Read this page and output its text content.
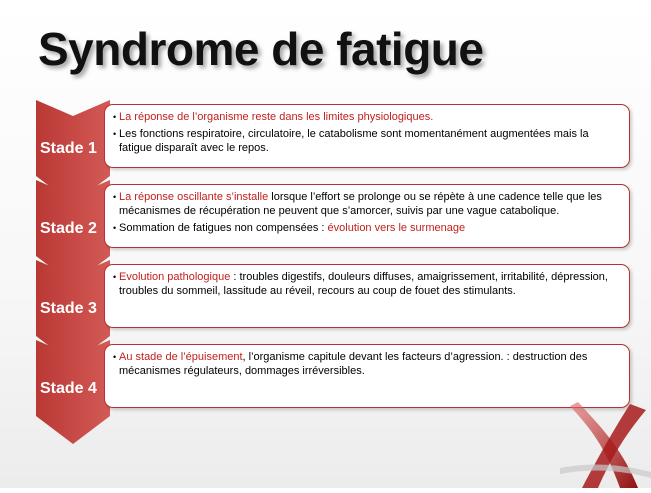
Syndrome de fatigue
Stade 1
Stade 2
Stade 3
Stade 4
• La réponse de l’organisme reste dans les limites physiologiques.
• Les fonctions respiratoire, circulatoire, le catabolisme sont momentanément augmentées mais la fatigue disparaît avec le repos.
• La réponse oscillante s’installe lorsque l’effort se prolonge ou se répète à une cadence telle que les mécanismes de récupération ne peuvent que s’amorcer, suivis par une vague catabolique.
• Sommation de fatigues non compensées : évolution vers le surmenage
• Evolution pathologique : troubles digestifs, douleurs diffuses, amaigrissement, irritabilité, dépression, troubles du sommeil, lassitude au réveil, recours au coup de fouet des stimulants.
• Au stade de l’épuisement, l’organisme capitule devant les facteurs d’agression. : destruction des mécanismes régulateurs, dommages irréversibles.
